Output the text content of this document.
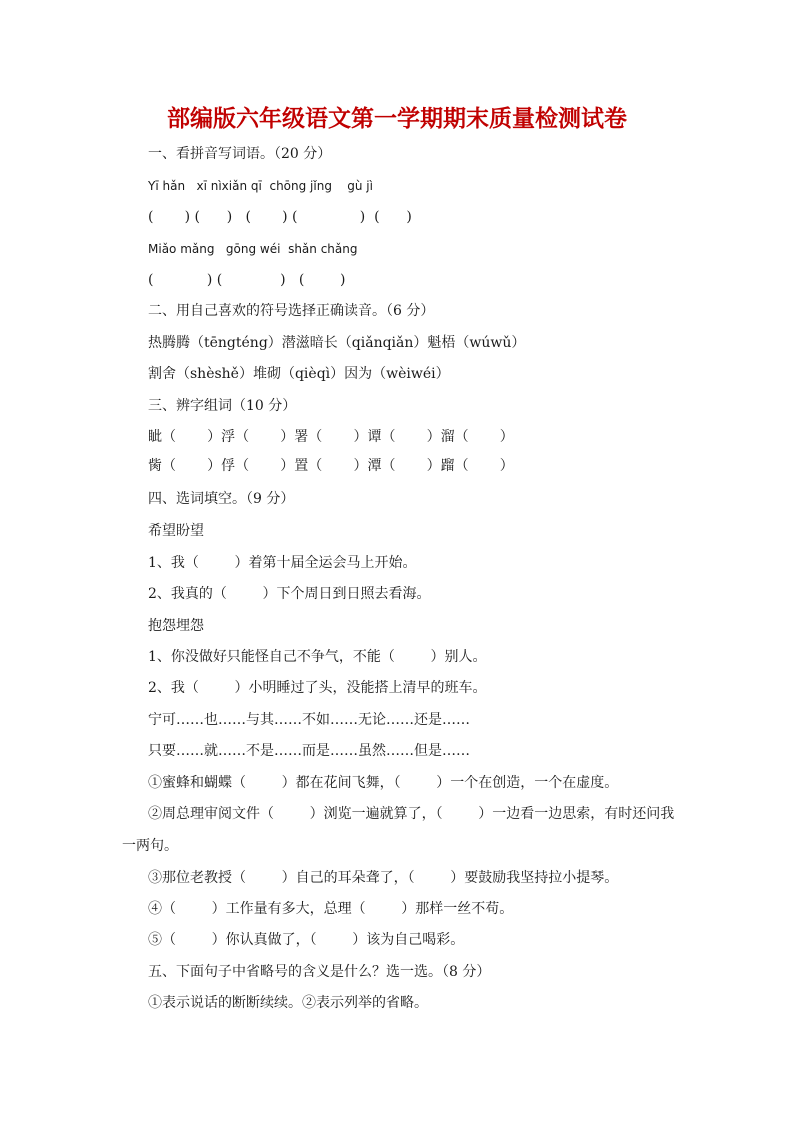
部编版六年级语文第一学期期末质量检测试卷
一、看拼音写词语。（20 分）
Yī hǎn   xī nìxiǎn qī  chōng jǐng    gù jì
(       ) (      )   (       ) (              )  (      )
Miǎo mǎng   gōng wéi  shǎn chǎng
(            ) (             )   (        )
二、用自己喜欢的符号选择正确读音。（6 分）
热腾腾（tēngténg）潜滋暗长（qiǎnqiǎn）魁梧（wúwǔ）
割舍（shèshě）堆砌（qièqì）因为（wèiwéi）
三、辨字组词（10 分）
眦（       ）浮（       ）署（       ）谭（       ）溜（       ）
胔（       ）俘（       ）置（       ）潭（       ）蹓（       ）
四、选词填空。（9 分）
希望盼望
1、我（        ）着第十届全运会马上开始。
2、我真的（        ）下个周日到日照去看海。
抱怨埋怨
1、你没做好只能怪自己不争气，不能（        ）别人。
2、我（        ）小明睡过了头，没能搭上清早的班车。
宁可……也……与其……不如……无论……还是……
只要……就……不是……而是……虽然……但是……
①蜜蜂和蝴蝶（        ）都在花间飞舞，（        ）一个在创造，一个在虚度。
②周总理审阅文件（        ）浏览一遍就算了，（        ）一边看一边思索，有时还问我
一两句。
③那位老教授（        ）自己的耳朵聋了，（        ）要鼓励我坚持拉小提琴。
④（        ）工作量有多大，总理（        ）那样一丝不苟。
⑤（        ）你认真做了，（        ）该为自己喝彩。
五、下面句子中省略号的含义是什么？选一选。（8 分）
①表示说话的断断续续。②表示列举的省略。
